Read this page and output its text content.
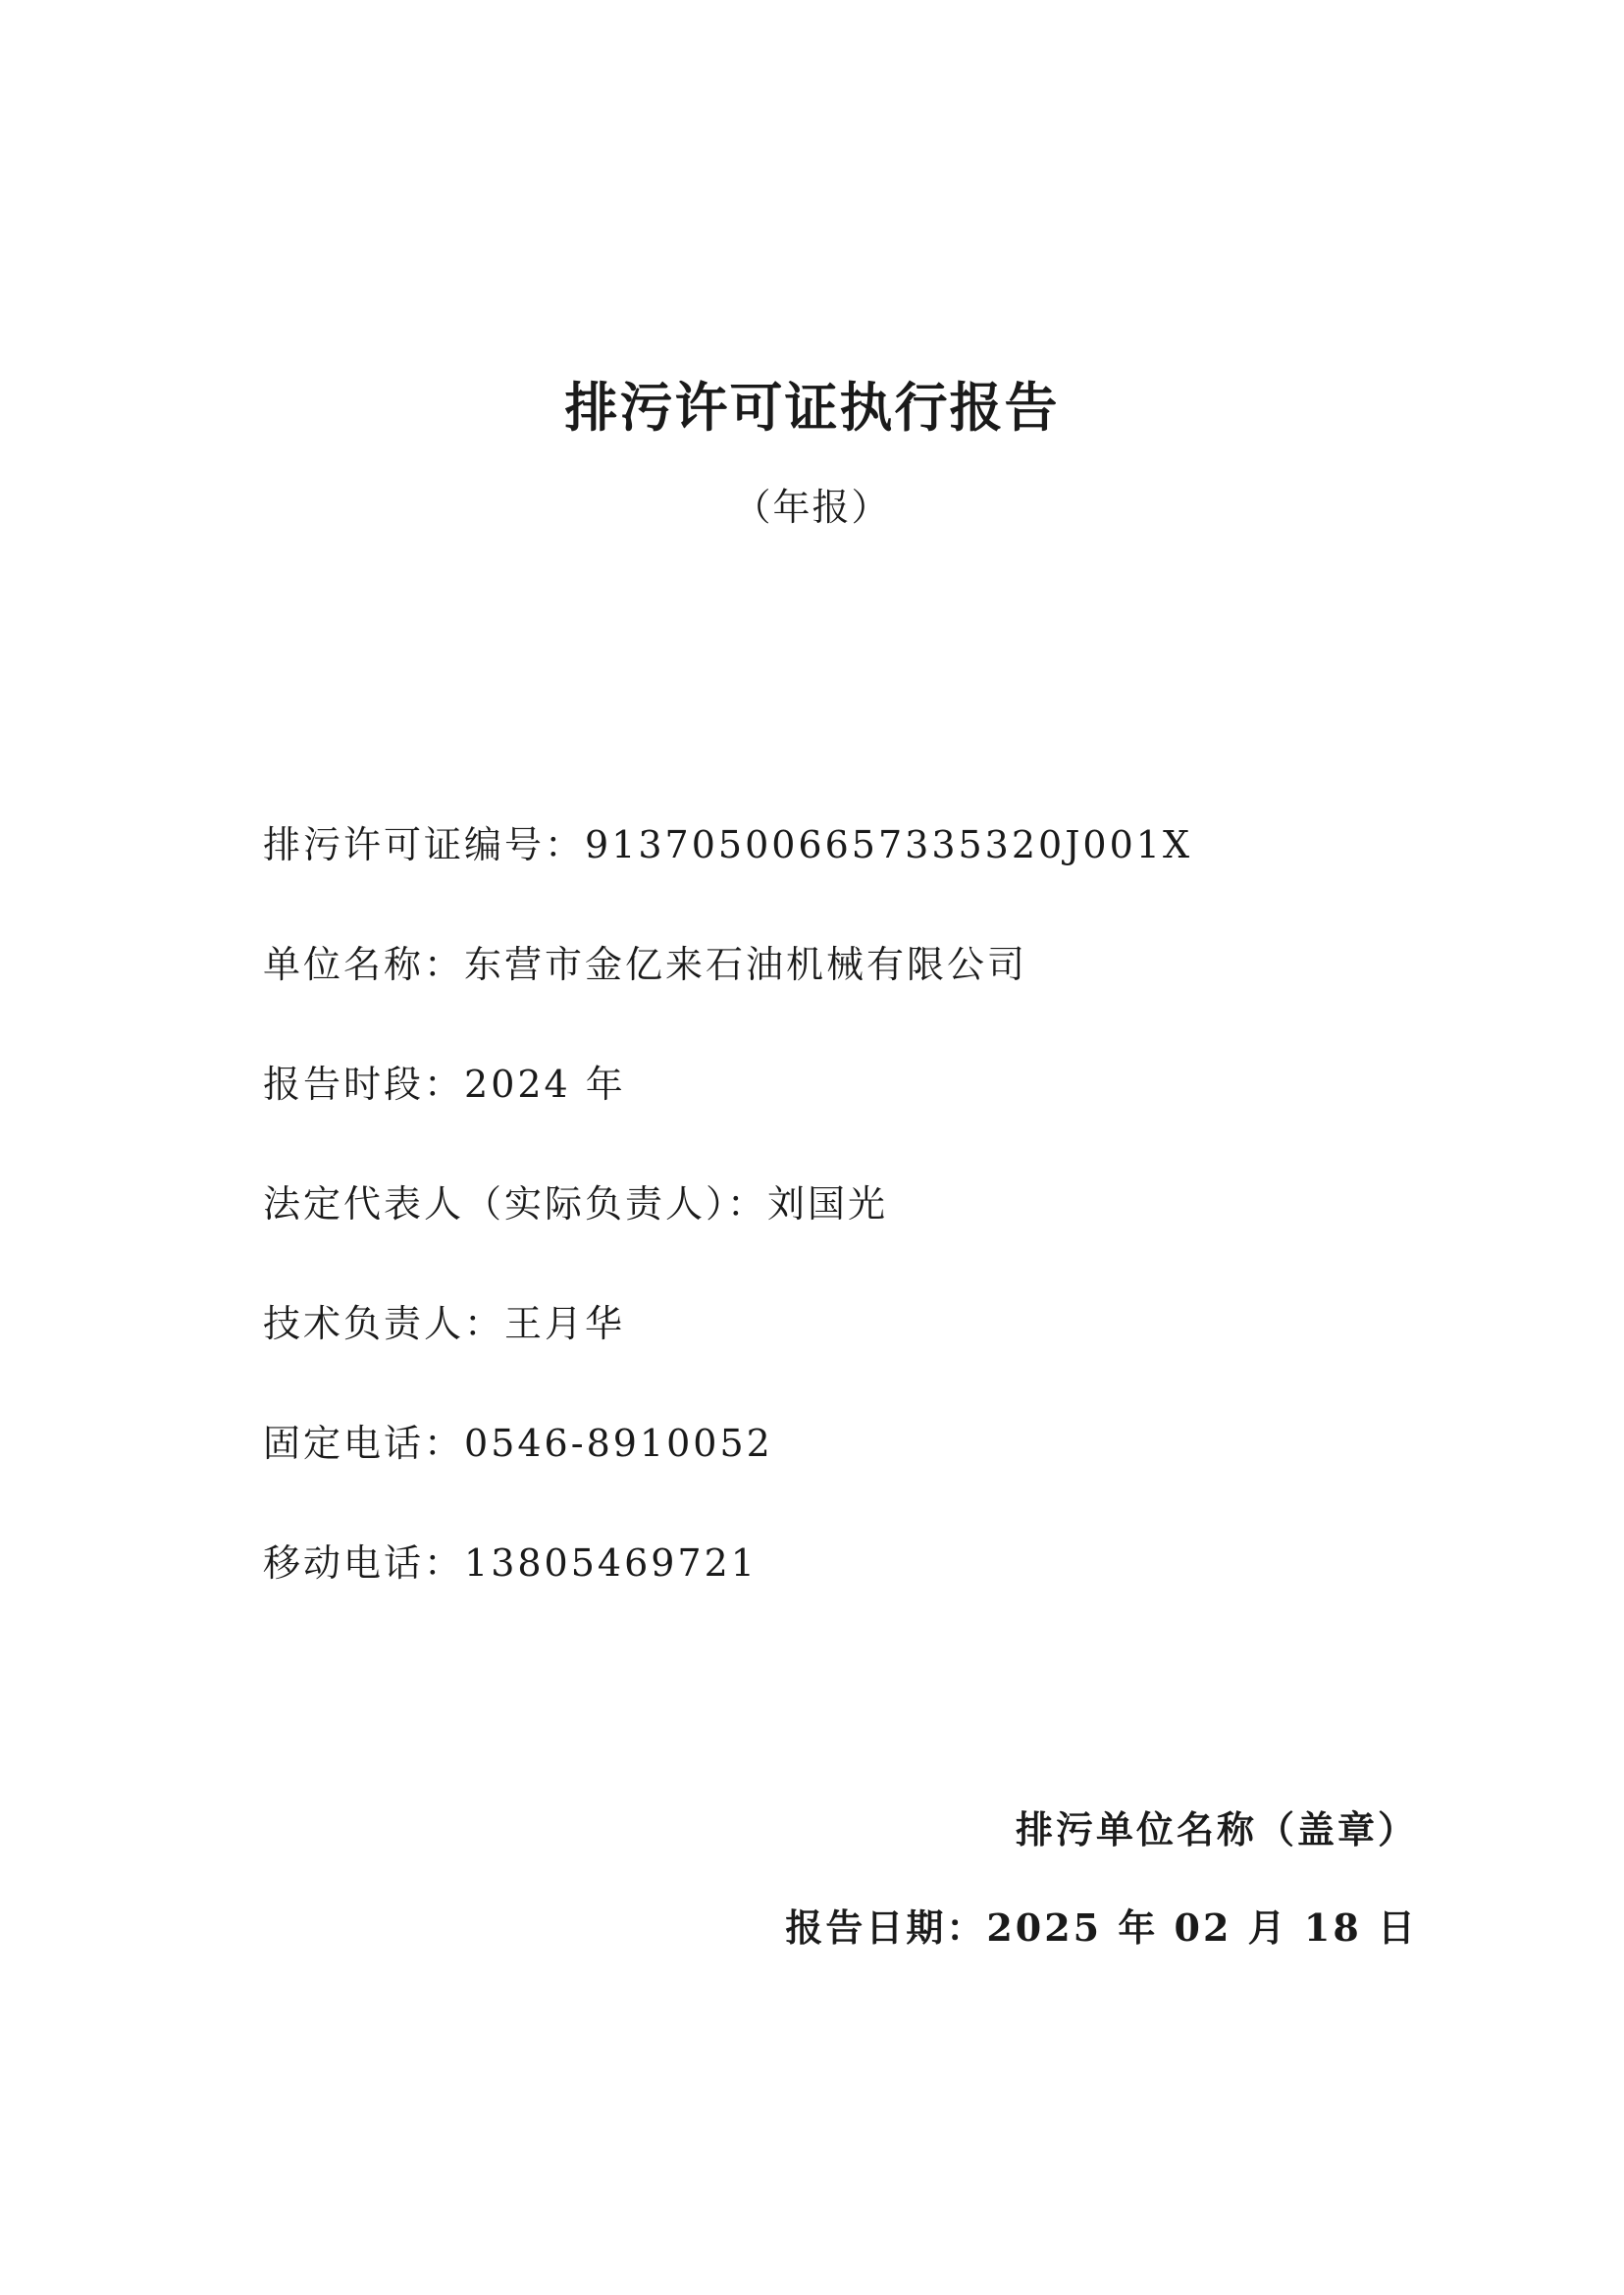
排污许可证执行报告
（年报）
排污许可证编号：913705006657335320J001X
单位名称：东营市金亿来石油机械有限公司
报告时段：2024 年
法定代表人（实际负责人）：刘国光
技术负责人：王月华
固定电话：0546-8910052
移动电话：13805469721
排污单位名称（盖章）
报告日期：2025 年 02 月 18 日
